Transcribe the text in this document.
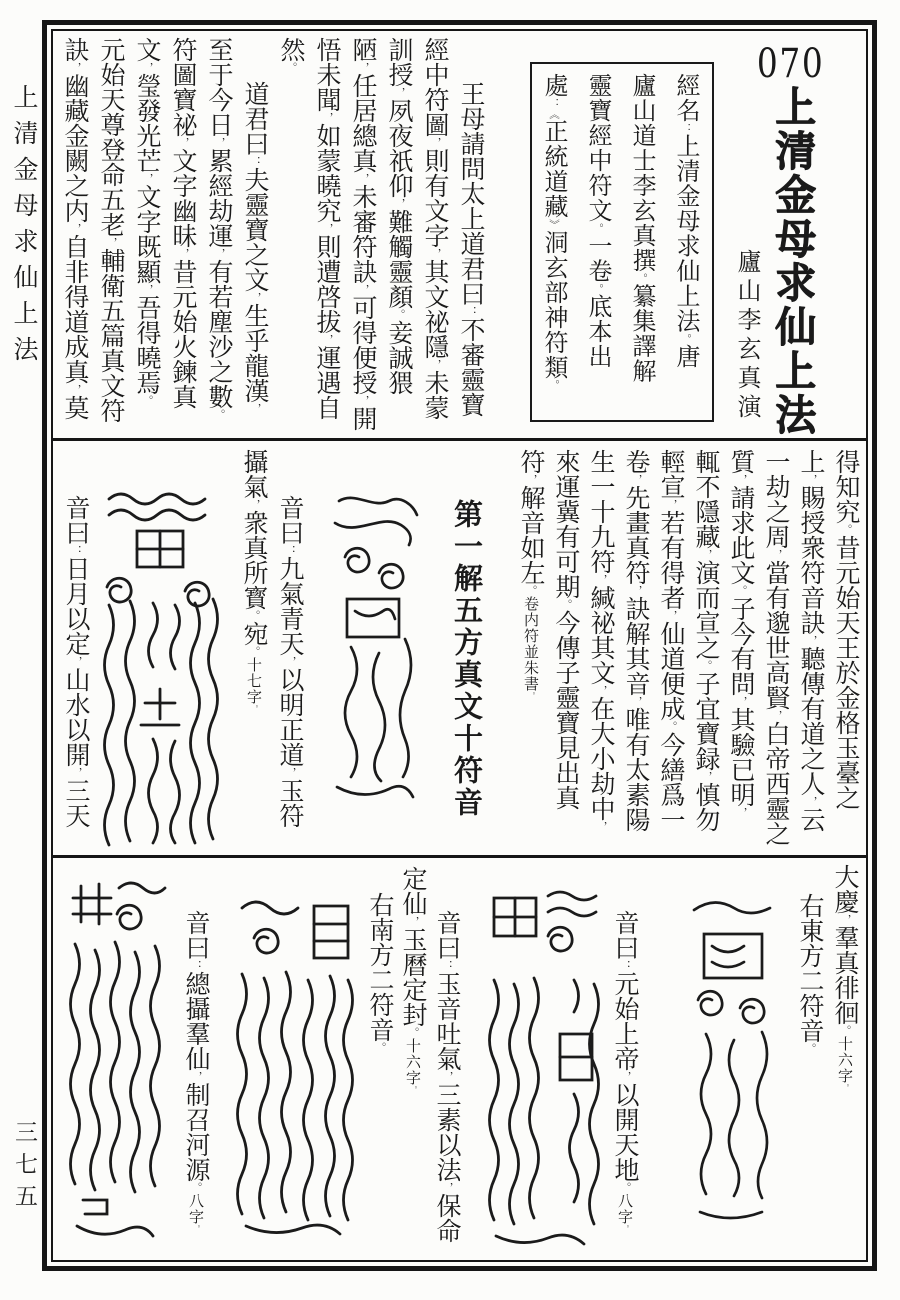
上清金母求仙上法
三七五
070
上清金母求仙上法
廬山李玄真演
經名：上清金母求仙上法。唐
廬山道士李玄真撰。纂集譯解
靈寶經中符文。一卷。底本出
處：《正統道藏》洞玄部神符類。
王母請問太上道君曰：不審靈寶
經中符圖，則有文字，其文祕隱，未蒙
訓授，夙夜祇仰，難觸靈顏。妾誠猥
陋，任居總真，未審符訣，可得便授，開
悟未聞，如蒙曉究，則遭啓拔，運遇自
然。
道君曰：夫靈寶之文，生乎龍漢，
至于今日，累經劫運，有若塵沙之數。
符圖寶祕，文字幽昧，昔元始火鍊真
文，瑩發光芒，文字既顯，吾得曉焉。
元始天尊登命五老，輔衛五篇真文符
訣，幽藏金闕之内，自非得道成真，莫
得知究。昔元始天王於金格玉臺之
上，賜授衆符音訣，聽傳有道之人，云
一劫之周，當有邈世高賢，白帝西靈之
質，請求此文。子今有問，其驗已明，
輒不隱藏，演而宣之。子宜寶録，慎勿
輕宣，若有得者，仙道便成。今繕爲一
卷，先畫真符，訣解其音，唯有太素陽
生一十九符，緘祕其文，在大小劫中，
來運冀有可期。今傳子靈寶見出真
符，解音如左。卷内符並朱書。
第一解五方真文十符音
音曰：九氣青天，以明正道，玉符
攝氣，衆真所寳。宛。十七字。
音曰：日月以定，山水以開，三天
大慶，羣真徘徊。十六字。
右東方二符音。
音曰：元始上帝，以開天地。八字。
音曰：玉音吐氣，三素以法，保命
定仙，玉曆定封。十六字。
右南方二符音。
音曰：總攝羣仙，制召河源。八字。
